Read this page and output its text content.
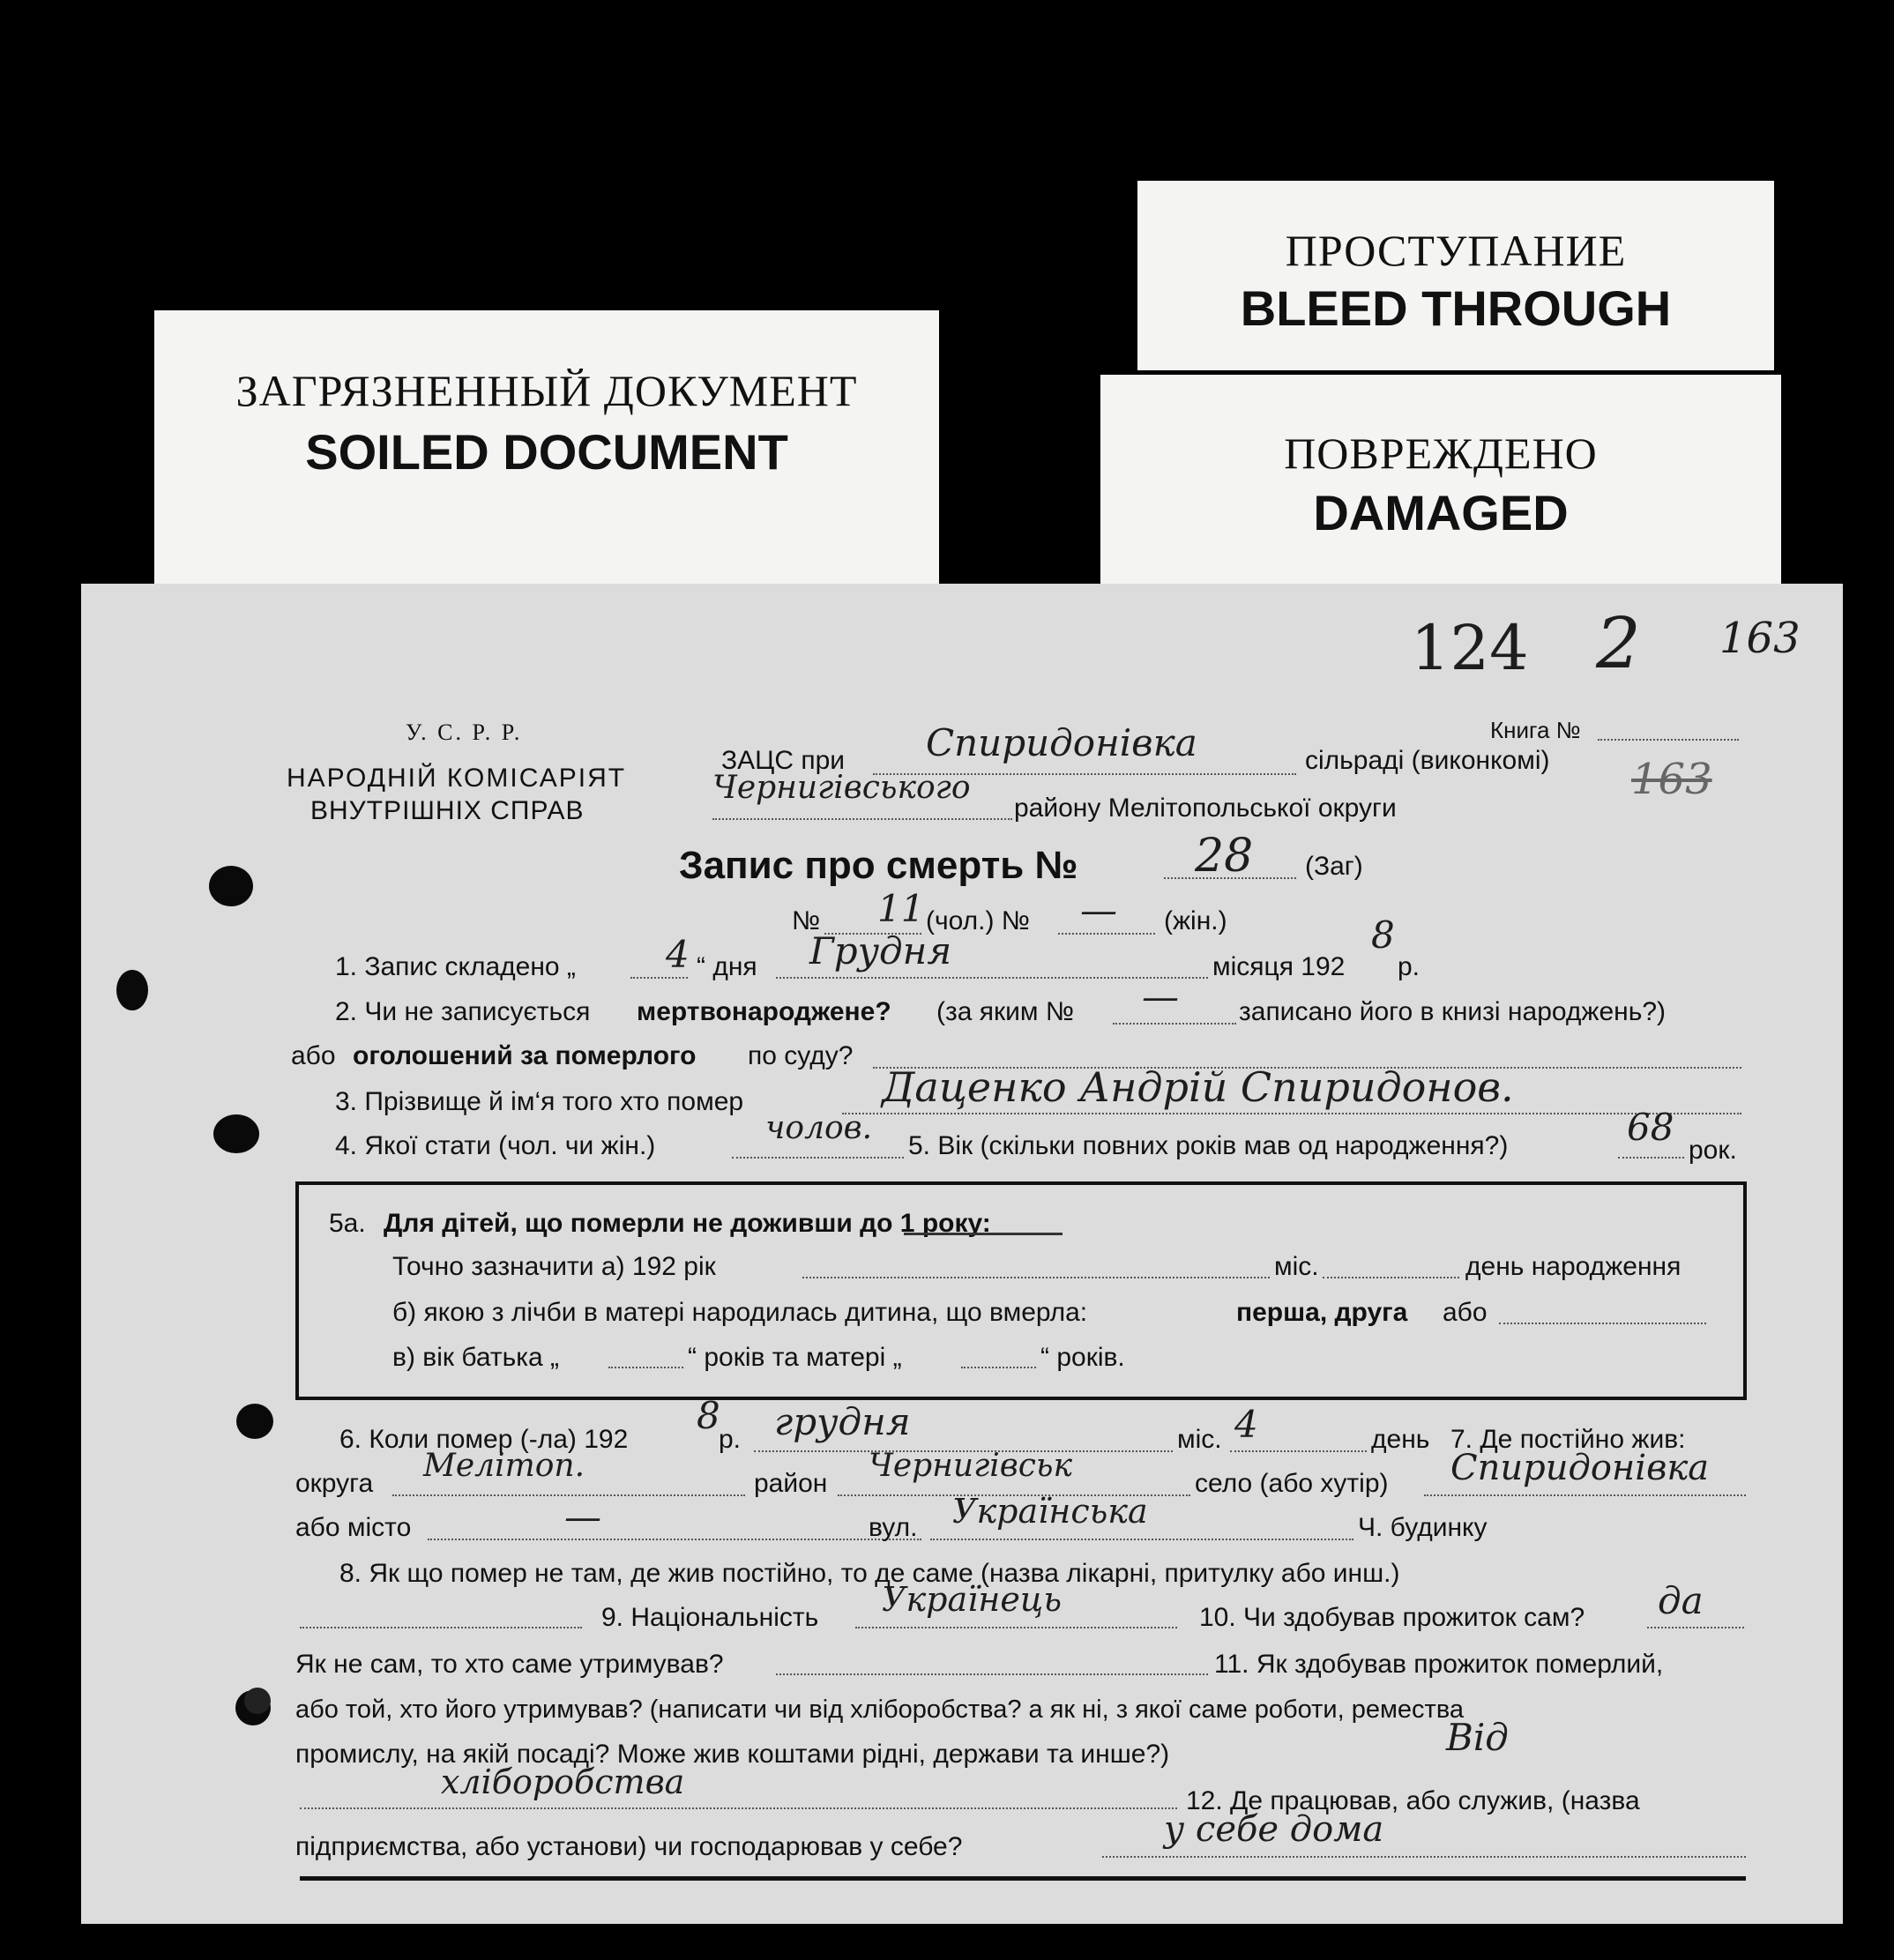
ЗАГРЯЗНЕННЫЙ ДОКУМЕНТ
SOILED DOCUMENT
ПРОСТУПАНИЕ
BLEED THROUGH
ПОВРЕЖДЕНО
DAMAGED
124 2 163
163
У. С. Р. Р.
НАРОДНІЙ КОМІСАРІЯТ
ВНУТРІШНІХ СПРАВ
ЗАЦС при Спиридонівка	сільраді (виконкомі)
Книга №
Чернигівського
району Мелітопольської округи
Запис про смерть №	28 (Заг)
№ 11 (чол.) № — (жін.)
1. Запис складено „ 4 “ дня Грудня	місяця 192
8
р.
2. Чи не записується мертвонароджене? (за яким № — записано його в книзі народжень?)
або оголошений за померлого по суду?
3. Прізвище й ім‘я того хто помер	Даценко Андрій Спиридонов.
4. Якої стати (чол. чи жін.)	чолов. 5. Вік (скільки повних років мав од народження?)	68
рок.
5а. Для дітей, що померли не доживши до 1 року:
Точно зазначити а) 192 рік	міс.	день народження
б) якою з лічби в матері народилась дитина, що вмерла:	перша, друга або
в) вік батька „	“ років та матері „	“ років.
6. Коли помер (-ла) 192
8
р. грудня	міс. 4	день 7. Де постійно жив:
округа Мелітоп.	район Чернигівськ	село (або хутір) Спиридонівка
або місто	—	вул. Українська	Ч. будинку
8. Як що помер не там, де жив постійно, то де саме (назва лікарні, притулку або инш.)
9. Національність Українець	10. Чи здобував прожиток сам? да
Як не сам, то хто саме утримував?	11. Як здобував прожиток померлий,
або той, хто його утримував? (написати чи від хліборобства? а як ні, з якої саме роботи, ремества
промислу, на якій посаді? Може жив коштами рідні, держави та инше?)	Від
хліборобства	12. Де працював, або служив, (назва
підприємства, або установи) чи господарював у себе?	у себе дома
